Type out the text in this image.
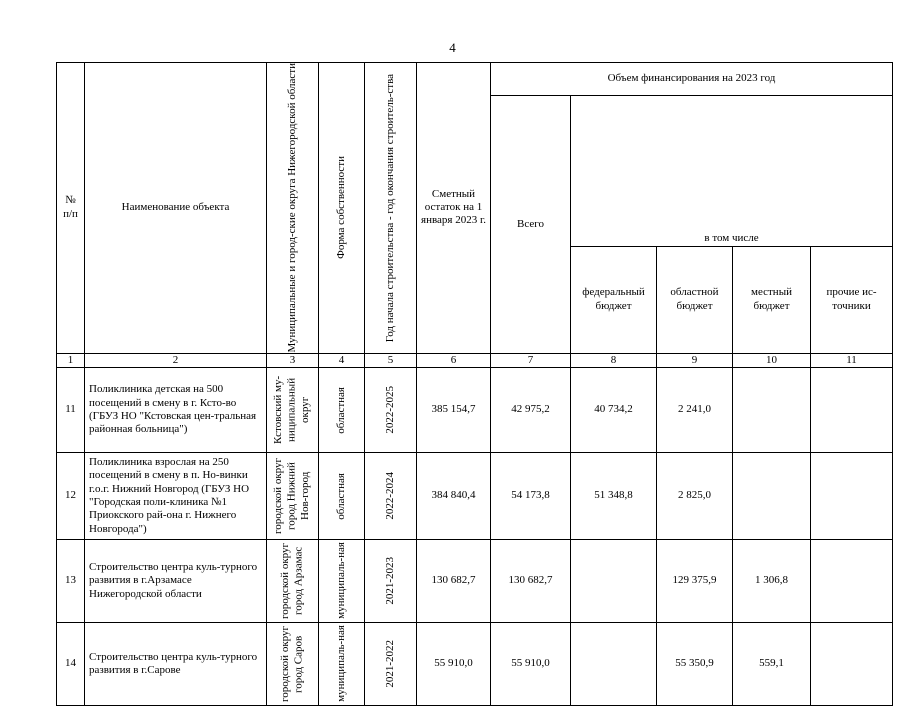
4
№ п/п	Наименование объекта	Муниципальные и город-ские округа Нижегородской области	Форма собственности	Год начала строительства - год окончания строитель-ства	Сметный остаток на 1 января 2023 г.	Объем финансирования на 2023 год				
						Всего	в том числе			
							федеральный бюджет	областной бюджет	местный бюджет	прочие ис-точники
1	2	3	4	5	6	7	8	9	10	11
11	Поликлиника детская на 500 посещений в смену в г. Ксто-во (ГБУЗ НО "Кстовская цен-тральная районная больница")	Кстовский му-ниципальный округ	областная	2022-2025	385 154,7	42 975,2	40 734,2	2 241,0		
12	Поликлиника взрослая на 250 посещений в смену в п. Но-винки г.о.г. Нижний Новгород (ГБУЗ НО "Городская поли-клиника №1 Приокского рай-она г. Нижнего Новгорода")	городской округ город Нижний Нов-город	областная	2022-2024	384 840,4	54 173,8	51 348,8	2 825,0		
13	Строительство центра куль-турного развития в г.Арзамасе Нижегородской области	городской округ город Арзамас	муниципаль-ная	2021-2023	130 682,7	130 682,7		129 375,9	1 306,8	
14	Строительство центра куль-турного развития в г.Сарове	городской округ город Саров	муниципаль-ная	2021-2022	55 910,0	55 910,0		55 350,9	559,1	
